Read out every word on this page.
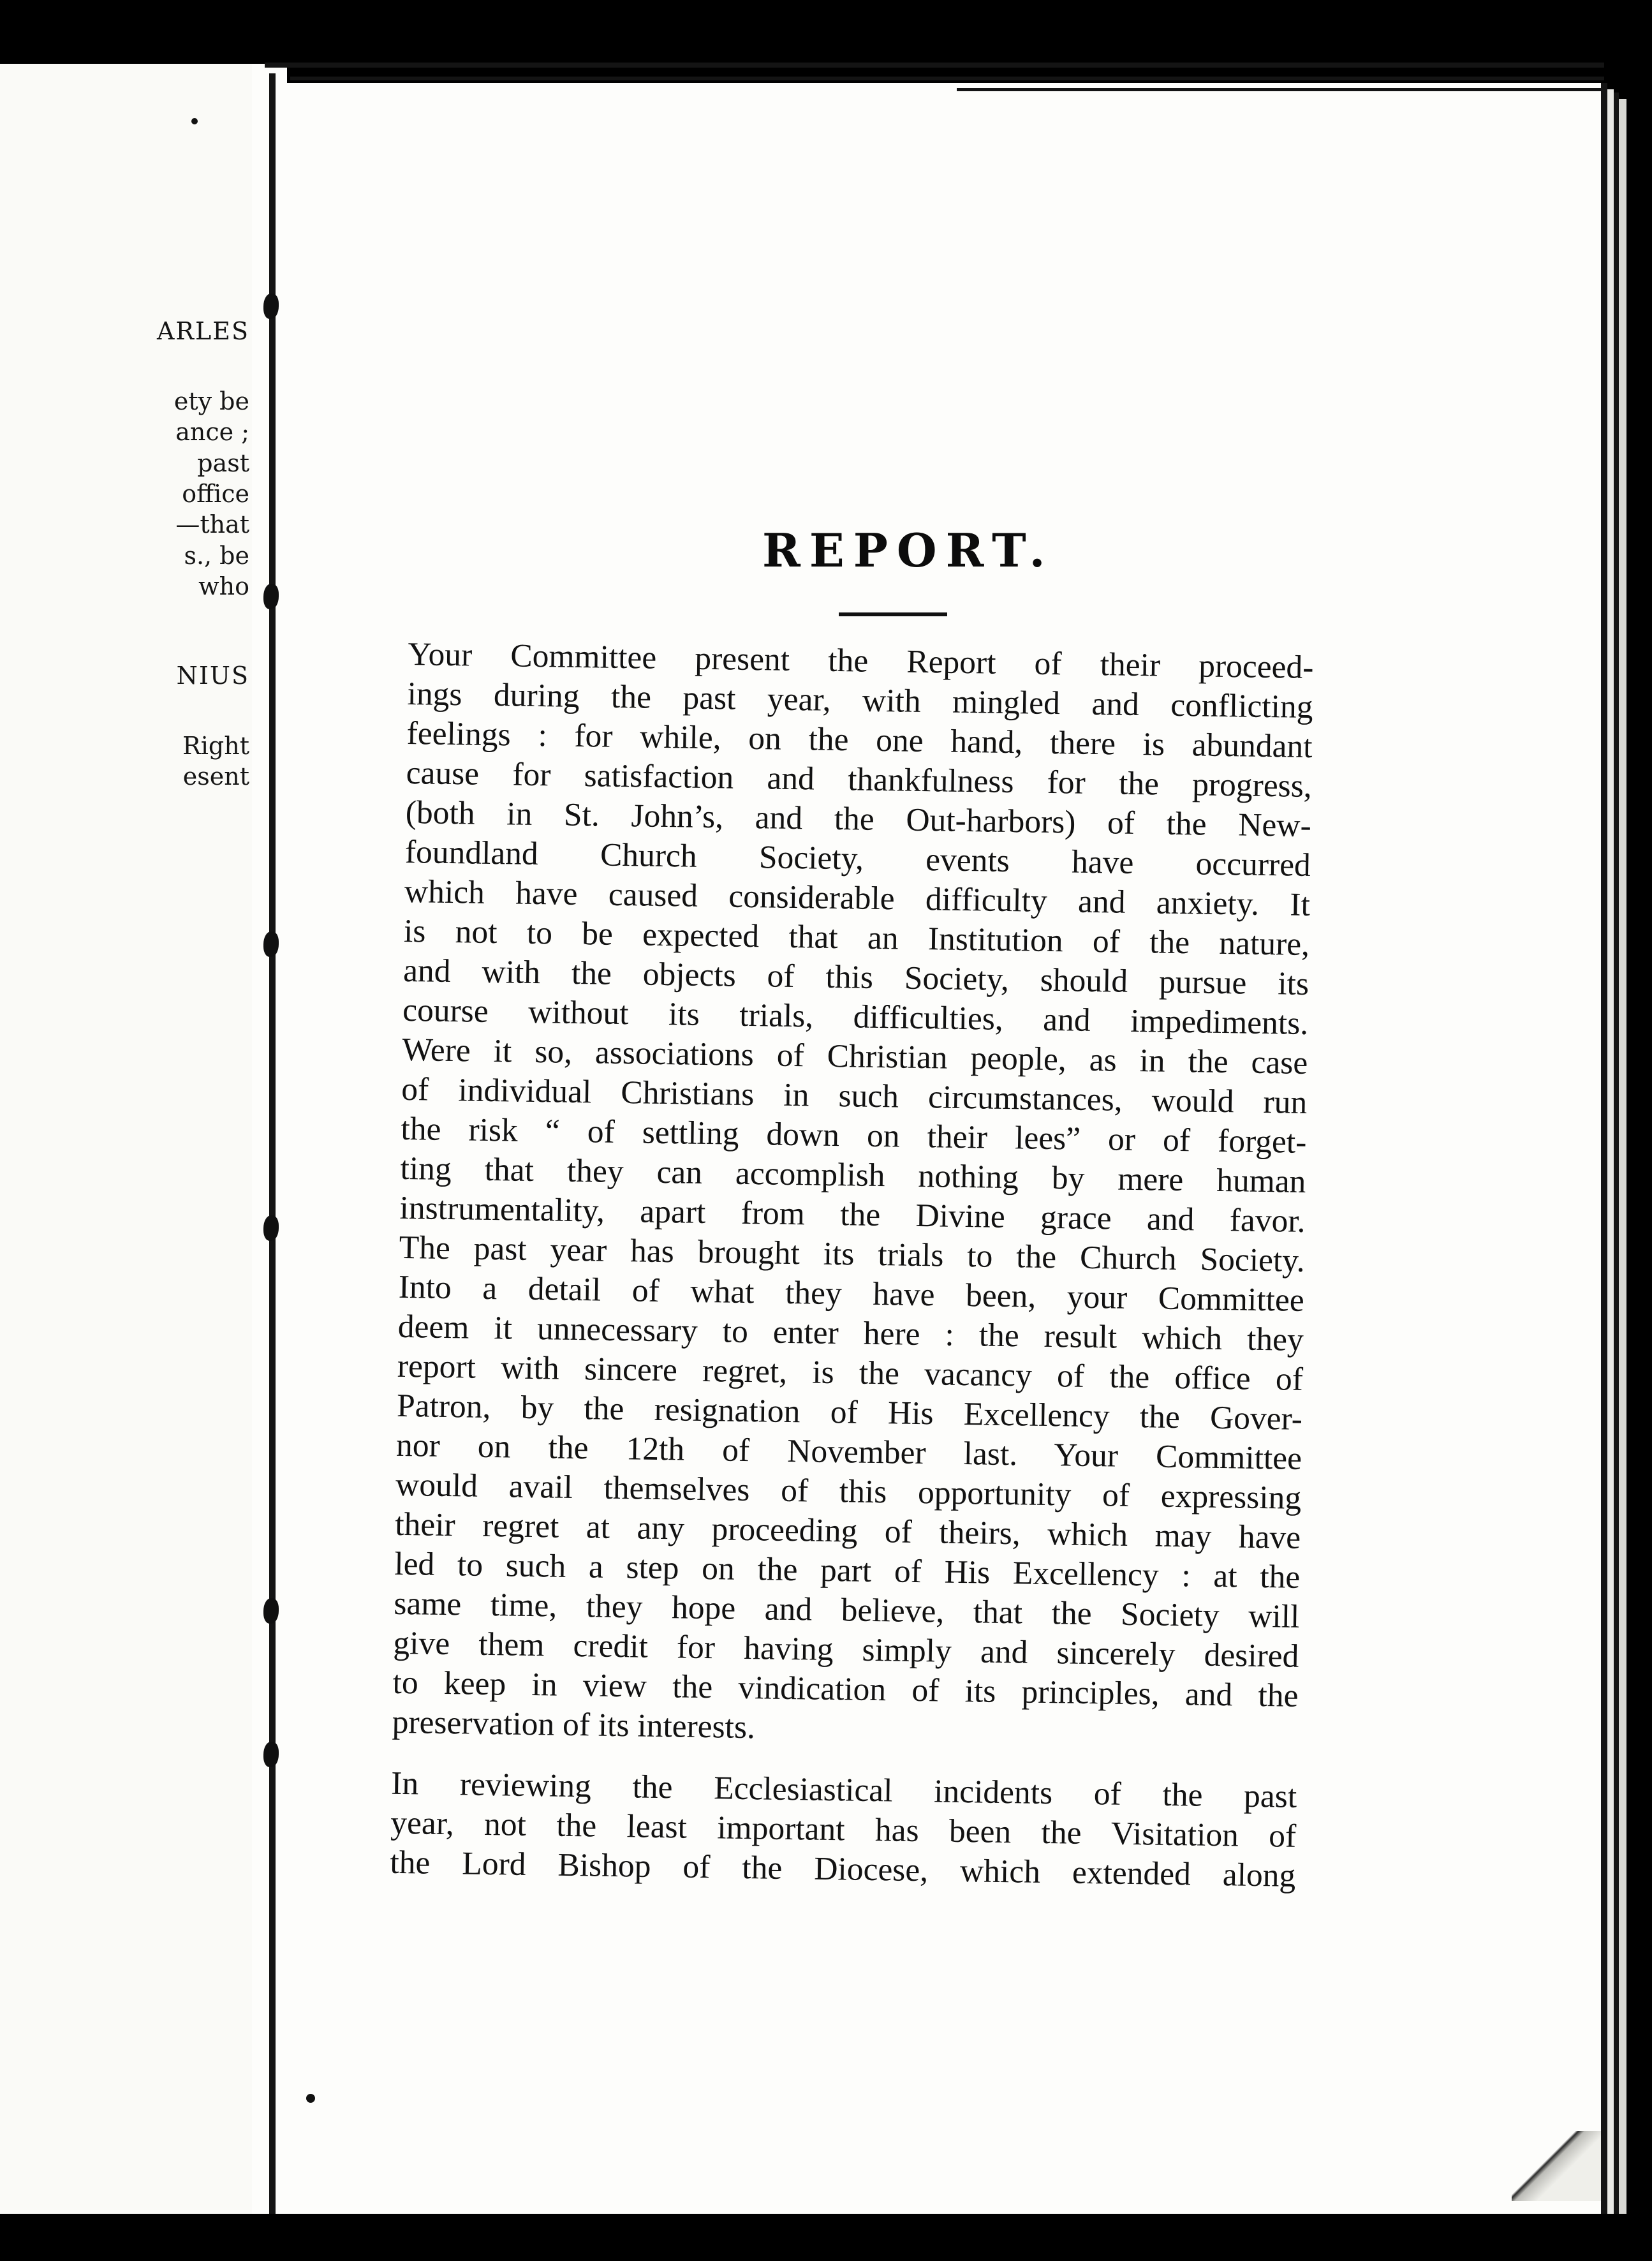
ARLES
ety be
ance ;
past
office
—that
s., be
who
NIUS
Right
esent
REPORT.
Your Committee present the Report of their proceed-
ings during the past year, with mingled and conflicting
feelings : for while, on the one hand, there is abundant
cause for satisfaction and thankfulness for the progress,
(both in St. John’s, and the Out-harbors) of the New-
foundland Church Society, events have occurred
which have caused considerable difficulty and anxiety. It
is not to be expected that an Institution of the nature,
and with the objects of this Society, should pursue its
course without its trials, difficulties, and impediments.
Were it so, associations of Christian people, as in the case
of individual Christians in such circumstances, would run
the risk “ of settling down on their lees” or of forget-
ting that they can accomplish nothing by mere human
instrumentality, apart from the Divine grace and favor.
The past year has brought its trials to the Church Society.
Into a detail of what they have been, your Committee
deem it unnecessary to enter here : the result which they
report with sincere regret, is the vacancy of the office of
Patron, by the resignation of His Excellency the Gover-
nor on the 12th of November last. Your Committee
would avail themselves of this opportunity of expressing
their regret at any proceeding of theirs, which may have
led to such a step on the part of His Excellency : at the
same time, they hope and believe, that the Society will
give them credit for having simply and sincerely desired
to keep in view the vindication of its principles, and the
preservation of its interests.
In reviewing the Ecclesiastical incidents of the past
year, not the least important has been the Visitation of
the Lord Bishop of the Diocese, which extended along
